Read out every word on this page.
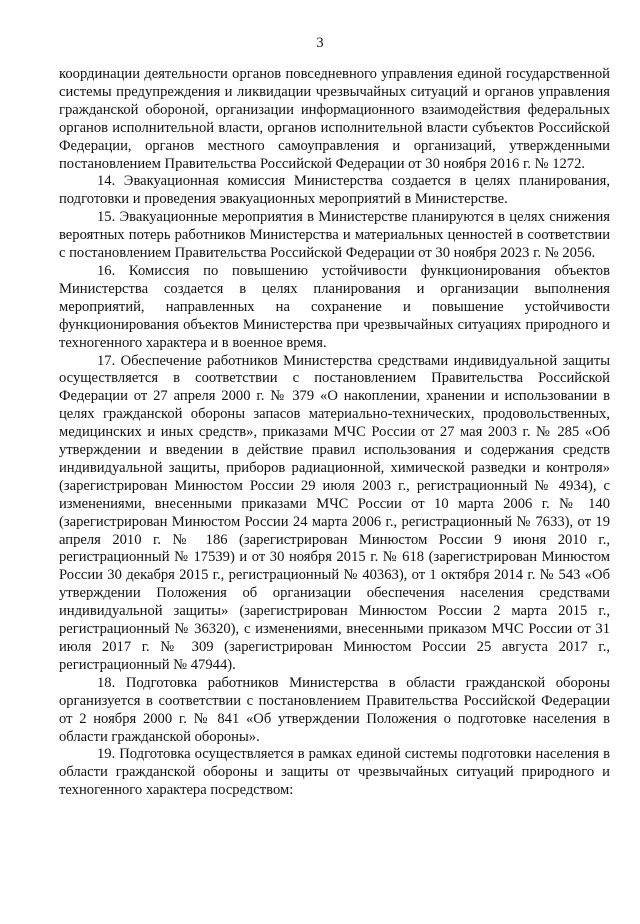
3

координации деятельности органов повседневного управления единой государственной системы предупреждения и ликвидации чрезвычайных ситуаций и органов управления гражданской обороной, организации информационного взаимодействия федеральных органов исполнительной власти, органов исполнительной власти субъектов Российской Федерации, органов местного самоуправления и организаций, утвержденными постановлением Правительства Российской Федерации от 30 ноября 2016 г. № 1272.

14. Эвакуационная комиссия Министерства создается в целях планирования, подготовки и проведения эвакуационных мероприятий в Министерстве.

15. Эвакуационные мероприятия в Министерстве планируются в целях снижения вероятных потерь работников Министерства и материальных ценностей в соответствии с постановлением Правительства Российской Федерации от 30 ноября 2023 г. № 2056.

16. Комиссия по повышению устойчивости функционирования объектов Министерства создается в целях планирования и организации выполнения мероприятий, направленных на сохранение и повышение устойчивости функционирования объектов Министерства при чрезвычайных ситуациях природного и техногенного характера и в военное время.

17. Обеспечение работников Министерства средствами индивидуальной защиты осуществляется в соответствии с постановлением Правительства Российской Федерации от 27 апреля 2000 г. № 379 «О накоплении, хранении и использовании в целях гражданской обороны запасов материально-технических, продовольственных, медицинских и иных средств», приказами МЧС России от 27 мая 2003 г. № 285 «Об утверждении и введении в действие правил использования и содержания средств индивидуальной защиты, приборов радиационной, химической разведки и контроля» (зарегистрирован Минюстом России 29 июля 2003 г., регистрационный № 4934), с изменениями, внесенными приказами МЧС России от 10 марта 2006 г. № 140 (зарегистрирован Минюстом России 24 марта 2006 г., регистрационный № 7633), от 19 апреля 2010 г. № 186 (зарегистрирован Минюстом России 9 июня 2010 г., регистрационный № 17539) и от 30 ноября 2015 г. № 618 (зарегистрирован Минюстом России 30 декабря 2015 г., регистрационный № 40363), от 1 октября 2014 г. № 543 «Об утверждении Положения об организации обеспечения населения средствами индивидуальной защиты» (зарегистрирован Минюстом России 2 марта 2015 г., регистрационный № 36320), с изменениями, внесенными приказом МЧС России от 31 июля 2017 г. № 309 (зарегистрирован Минюстом России 25 августа 2017 г., регистрационный № 47944).

18. Подготовка работников Министерства в области гражданской обороны организуется в соответствии с постановлением Правительства Российской Федерации от 2 ноября 2000 г. № 841 «Об утверждении Положения о подготовке населения в области гражданской обороны».

19. Подготовка осуществляется в рамках единой системы подготовки населения в области гражданской обороны и защиты от чрезвычайных ситуаций природного и техногенного характера посредством:
